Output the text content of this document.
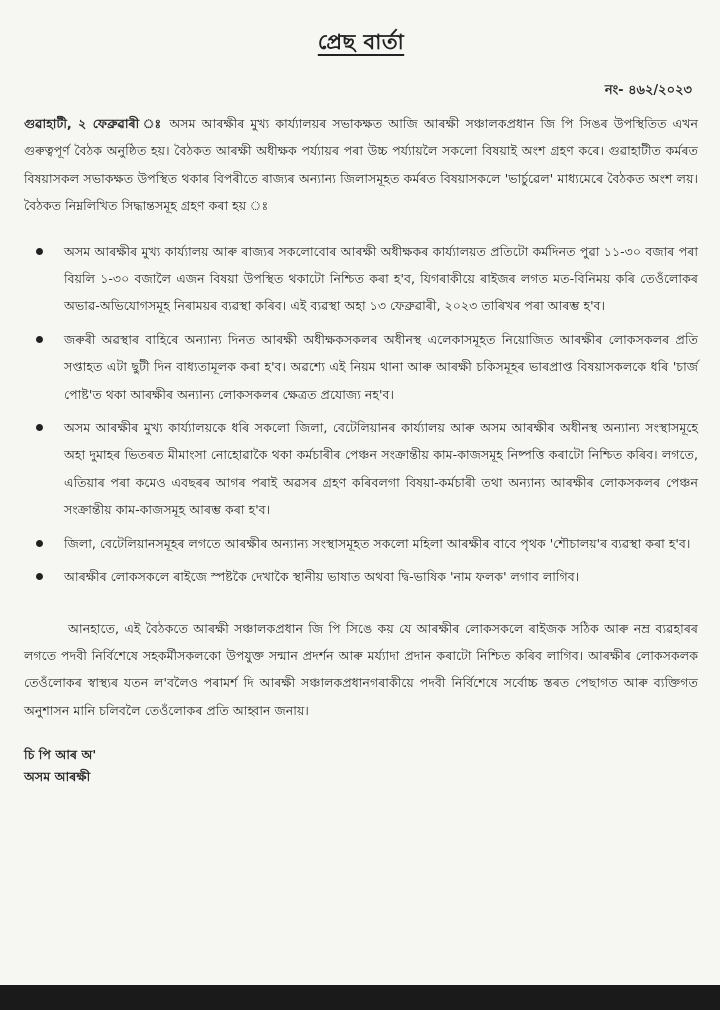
প্ৰেছ বাৰ্তা
নং- ৪৬২/২০২৩

গুৱাহাটী, ২ ফেব্ৰুৱাৰী ঃ অসম আৰক্ষীৰ মুখ্য কাৰ্য্যালয়ৰ সভাকক্ষত আজি আৰক্ষী সঞ্চালকপ্ৰধান জি পি সিঙৰ উপস্থিতিত এখন গুৰুত্বপূৰ্ণ বৈঠক অনুষ্ঠিত হয়। বৈঠকত আৰক্ষী অধীক্ষক পৰ্য্যায়ৰ পৰা উচ্চ পৰ্য্যায়লৈ সকলো বিষয়াই অংশ গ্ৰহণ কৰে। গুৱাহাটীত কৰ্মৰত বিষয়াসকল সভাকক্ষত উপস্থিত থকাৰ বিপৰীতে ৰাজ্যৰ অন্যান্য জিলাসমূহত কৰ্মৰত বিষয়াসকলে 'ভাৰ্চুৱেল' মাধ্যমেৰে বৈঠকত অংশ লয়। বৈঠকত নিম্নলিখিত সিদ্ধান্তসমূহ গ্ৰহণ কৰা হয় ঃ

অসম আৰক্ষীৰ মুখ্য কাৰ্য্যালয় আৰু ৰাজ্যৰ সকলোবোৰ আৰক্ষী অধীক্ষকৰ কাৰ্য্যালয়ত প্ৰতিটো কৰ্মদিনত পুৱা ১১-৩০ বজাৰ পৰা বিয়লি ১-৩০ বজালৈ এজন বিষয়া উপস্থিত থকাটো নিশ্চিত কৰা হ'ব, যিগৰাকীয়ে ৰাইজৰ লগত মত-বিনিময় কৰি তেওঁলোকৰ অভাৱ-অভিযোগসমূহ নিৰাময়ৰ ব্যৱস্থা কৰিব। এই ব্যৱস্থা অহা ১৩ ফেব্ৰুৱাৰী, ২০২৩ তাৰিখৰ পৰা আৰম্ভ হ'ব।
জৰুৰী অৱস্থাৰ বাহিৰে অন্যান্য দিনত আৰক্ষী অধীক্ষকসকলৰ অধীনস্থ এলেকাসমূহত নিয়োজিত আৰক্ষীৰ লোকসকলৰ প্ৰতি সপ্তাহত এটা ছুটী দিন বাধ্যতামূলক কৰা হ'ব। অৱশ্যে এই নিয়ম থানা আৰু আৰক্ষী চকিসমূহৰ ভাৰপ্ৰাপ্ত বিষয়াসকলকে ধৰি 'চাৰ্জ পোষ্ট'ত থকা আৰক্ষীৰ অন্যান্য লোকসকলৰ ক্ষেত্ৰত প্ৰযোজ্য নহ'ব।
অসম আৰক্ষীৰ মুখ্য কাৰ্য্যালয়কে ধৰি সকলো জিলা, বেটেলিয়ানৰ কাৰ্য্যালয় আৰু অসম আৰক্ষীৰ অধীনস্থ অন্যান্য সংস্থাসমূহে অহা দুমাহৰ ভিতৰত মীমাংসা নোহোৱাকৈ থকা কৰ্মচাৰীৰ পেঞ্চন সংক্ৰান্তীয় কাম-কাজসমূহ নিষ্পত্তি কৰাটো নিশ্চিত কৰিব। লগতে, এতিয়াৰ পৰা কমেও এবছৰৰ আগৰ পৰাই অৱসৰ গ্ৰহণ কৰিবলগা বিষয়া-কৰ্মচাৰী তথা অন্যান্য আৰক্ষীৰ লোকসকলৰ পেঞ্চন সংক্ৰান্তীয় কাম-কাজসমূহ আৰম্ভ কৰা হ'ব।
জিলা, বেটেলিয়ানসমূহৰ লগতে আৰক্ষীৰ অন্যান্য সংস্থাসমূহত সকলো মহিলা আৰক্ষীৰ বাবে পৃথক 'শৌচালয়'ৰ ব্যৱস্থা কৰা হ'ব।
আৰক্ষীৰ লোকসকলে ৰাইজে স্পষ্টকৈ দেখাকৈ স্থানীয় ভাষাত অথবা দ্বি-ভাষিক 'নাম ফলক' লগাব লাগিব।

আনহাতে, এই বৈঠকতে আৰক্ষী সঞ্চালকপ্ৰধান জি পি সিঙে কয় যে আৰক্ষীৰ লোকসকলে ৰাইজক সঠিক আৰু নম্ৰ ব্যৱহাৰৰ লগতে পদবী নিৰ্বিশেষে সহকৰ্মীসকলকো উপযুক্ত সন্মান প্ৰদৰ্শন আৰু মৰ্য্যাদা প্ৰদান কৰাটো নিশ্চিত কৰিব লাগিব। আৰক্ষীৰ লোকসকলক তেওঁলোকৰ স্বাস্থ্যৰ যতন ল'বলৈও পৰামৰ্শ দি আৰক্ষী সঞ্চালকপ্ৰধানগৰাকীয়ে পদবী নিৰ্বিশেষে সৰ্বোচ্চ স্তৰত পেছাগত আৰু ব্যক্তিগত অনুশাসন মানি চলিবলৈ তেওঁলোকৰ প্ৰতি আহ্বান জনায়।

চি পি আৰ অ'
অসম আৰক্ষী
